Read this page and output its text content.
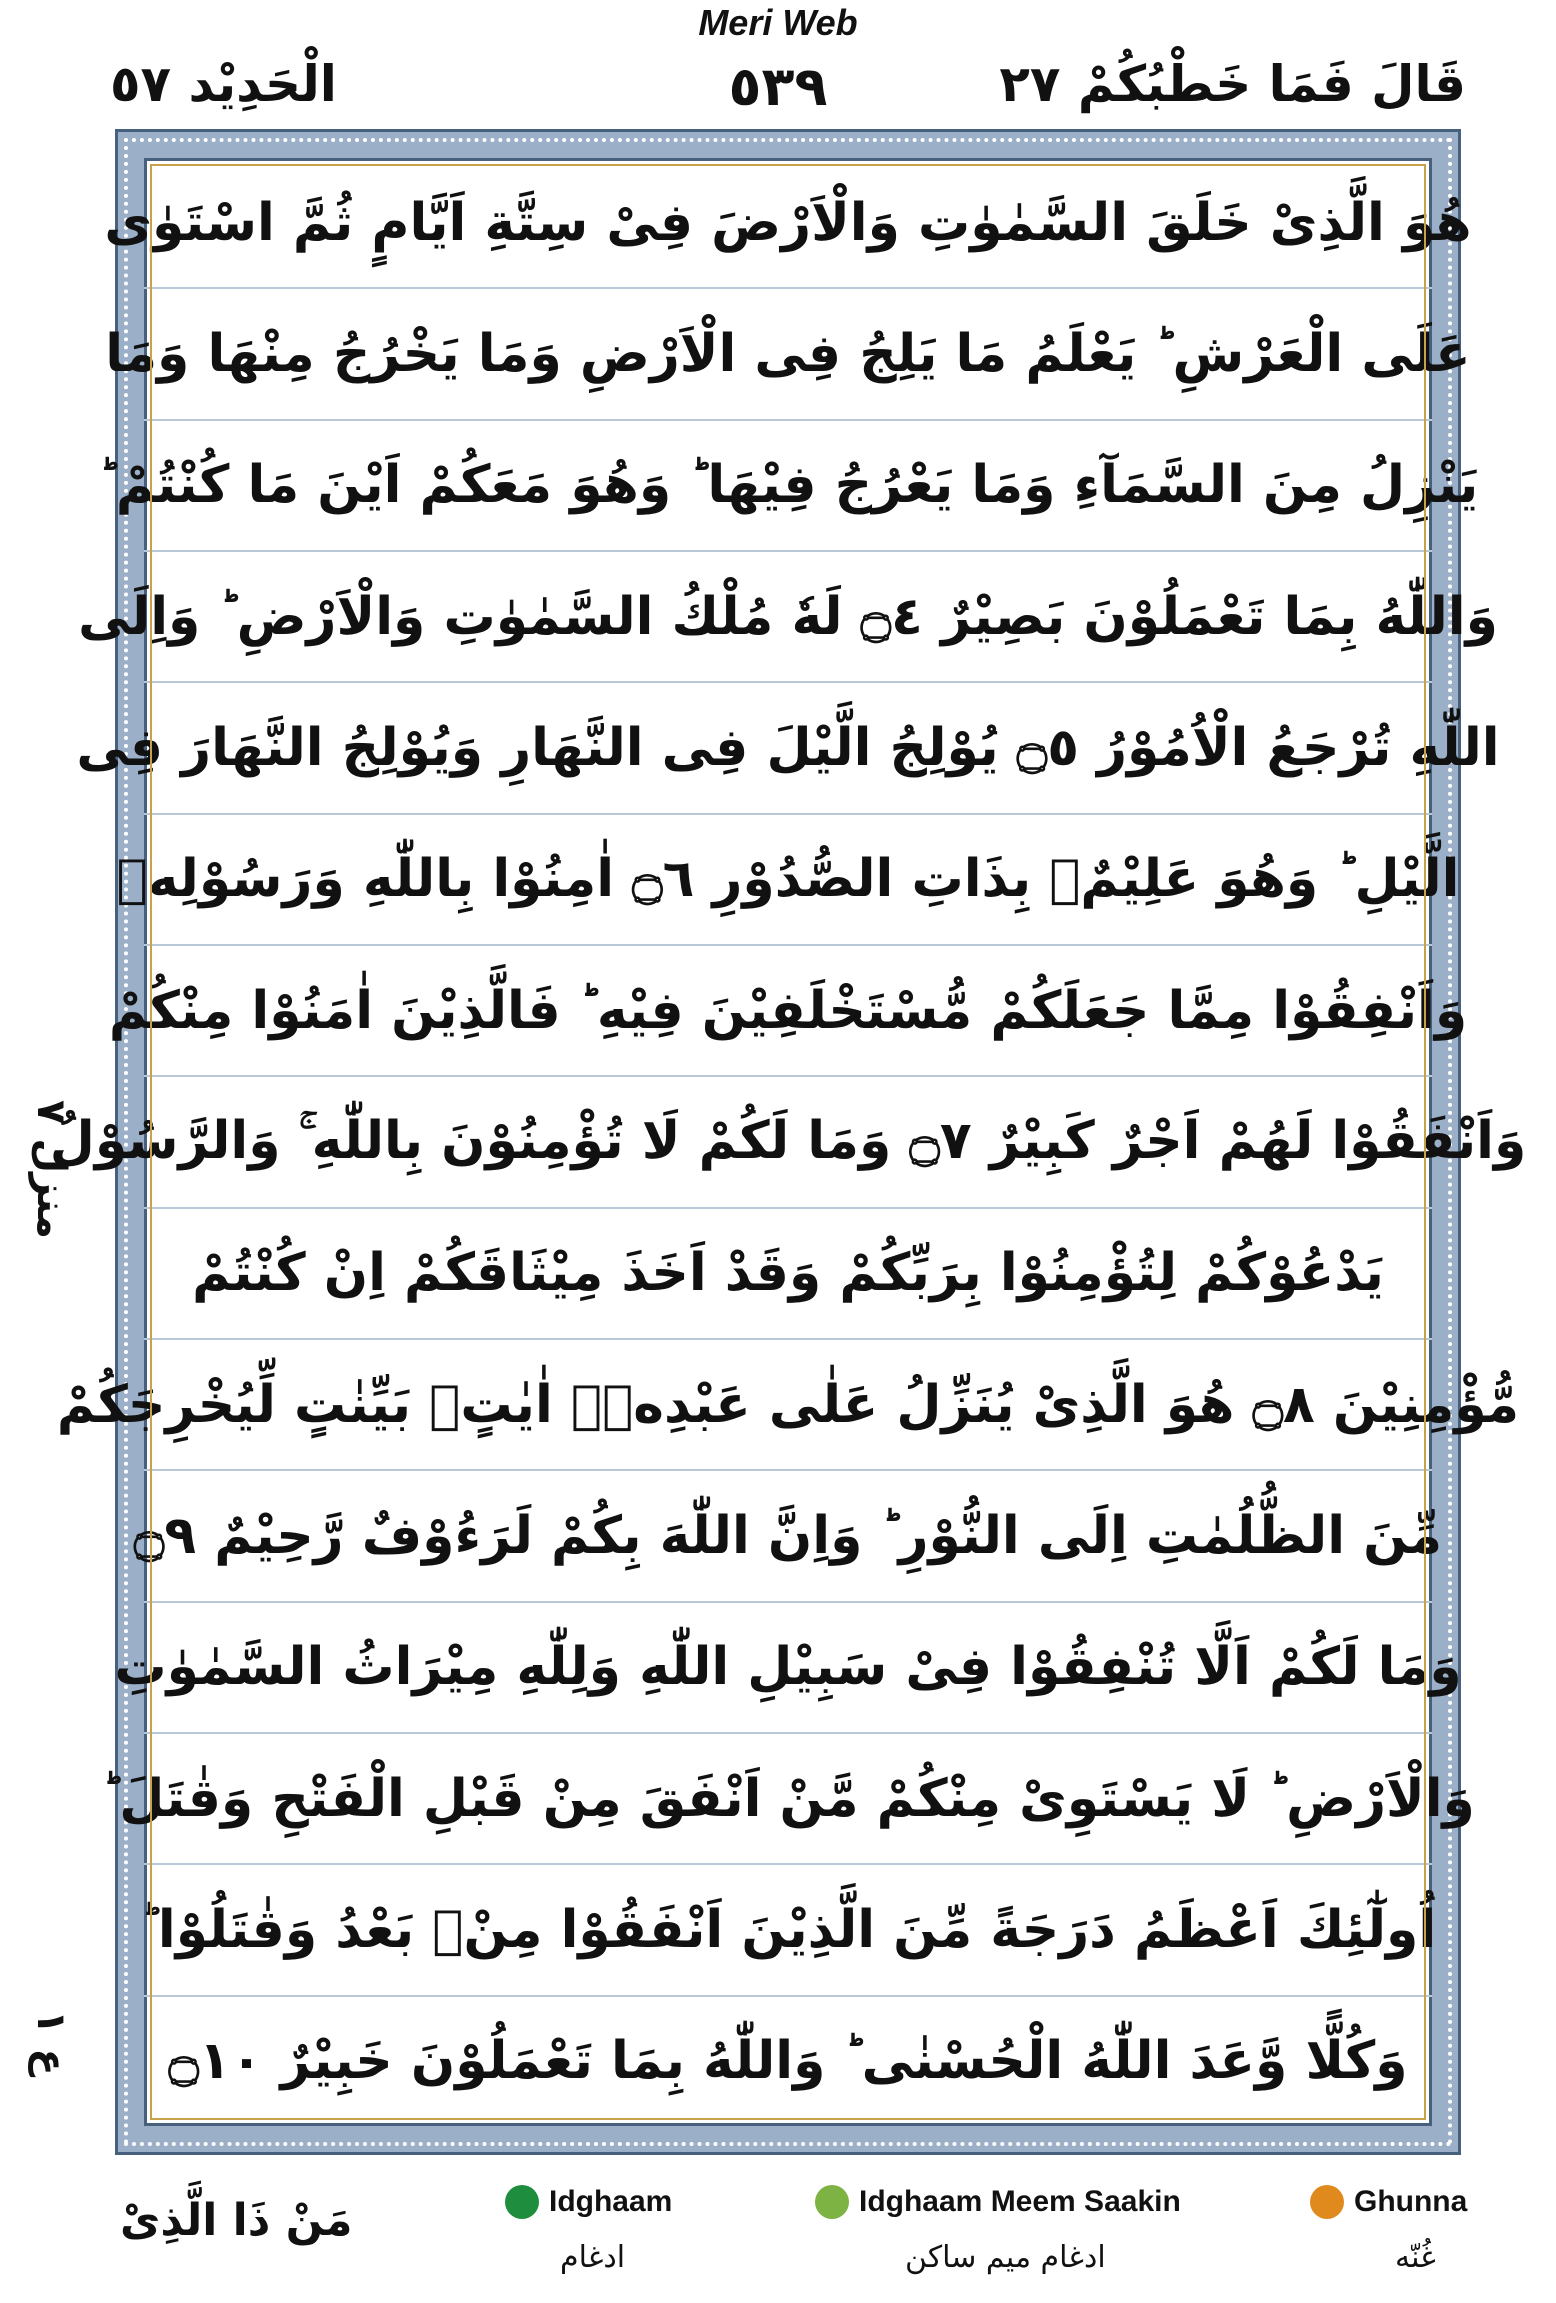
Meri Web
قَالَ فَمَا خَطْبُكُمْ ٢٧
٥٣٩
الْحَدِيْد ٥٧
منزل ٧
ع ١
هُوَ الَّذِىْ خَلَقَ السَّمٰوٰتِ وَالْاَرْضَ فِىْ سِتَّةِ اَيَّامٍ ثُمَّ اسْتَوٰى
عَلَى الْعَرْشِ ؕ يَعْلَمُ مَا يَلِجُ فِى الْاَرْضِ وَمَا يَخْرُجُ مِنْهَا وَمَا
يَنْزِلُ مِنَ السَّمَآءِ وَمَا يَعْرُجُ فِيْهَا ؕ وَهُوَ مَعَكُمْ اَيْنَ مَا كُنْتُمْ ؕ
وَاللّٰهُ بِمَا تَعْمَلُوْنَ بَصِيْرٌ ۝٤ لَهٗ مُلْكُ السَّمٰوٰتِ وَالْاَرْضِ ؕ وَاِلَى
اللّٰهِ تُرْجَعُ الْاُمُوْرُ ۝٥ يُوْلِجُ الَّيْلَ فِى النَّهَارِ وَيُوْلِجُ النَّهَارَ فِى
الَّيْلِ ؕ وَهُوَ عَلِيْمٌۢ بِذَاتِ الصُّدُوْرِ ۝٦ اٰمِنُوْا بِاللّٰهِ وَرَسُوْلِهٖ
وَاَنْفِقُوْا مِمَّا جَعَلَكُمْ مُّسْتَخْلَفِيْنَ فِيْهِ ؕ فَالَّذِيْنَ اٰمَنُوْا مِنْكُمْ
وَاَنْفَقُوْا لَهُمْ اَجْرٌ كَبِيْرٌ ۝٧ وَمَا لَكُمْ لَا تُؤْمِنُوْنَ بِاللّٰهِ ۚ وَالرَّسُوْلُ
يَدْعُوْكُمْ لِتُؤْمِنُوْا بِرَبِّكُمْ وَقَدْ اَخَذَ مِيْثَاقَكُمْ اِنْ كُنْتُمْ
مُّؤْمِنِيْنَ ۝٨ هُوَ الَّذِىْ يُنَزِّلُ عَلٰى عَبْدِهٖۤ اٰيٰتٍۢ بَيِّنٰتٍ لِّيُخْرِجَكُمْ
مِّنَ الظُّلُمٰتِ اِلَى النُّوْرِ ؕ وَاِنَّ اللّٰهَ بِكُمْ لَرَءُوْفٌ رَّحِيْمٌ ۝٩
وَمَا لَكُمْ اَلَّا تُنْفِقُوْا فِىْ سَبِيْلِ اللّٰهِ وَلِلّٰهِ مِيْرَاثُ السَّمٰوٰتِ
وَالْاَرْضِ ؕ لَا يَسْتَوِىْ مِنْكُمْ مَّنْ اَنْفَقَ مِنْ قَبْلِ الْفَتْحِ وَقٰتَلَ ؕ
اُولٰٓئِكَ اَعْظَمُ دَرَجَةً مِّنَ الَّذِيْنَ اَنْفَقُوْا مِنْۢ بَعْدُ وَقٰتَلُوْا ؕ
وَكُلًّا وَّعَدَ اللّٰهُ الْحُسْنٰى ؕ وَاللّٰهُ بِمَا تَعْمَلُوْنَ خَبِيْرٌ ۝١٠
مَنْ ذَا الَّذِىْ	Idghaam
ادغام
Idghaam Meem Saakin
ادغام میم ساکن
Ghunna
غُنّه
